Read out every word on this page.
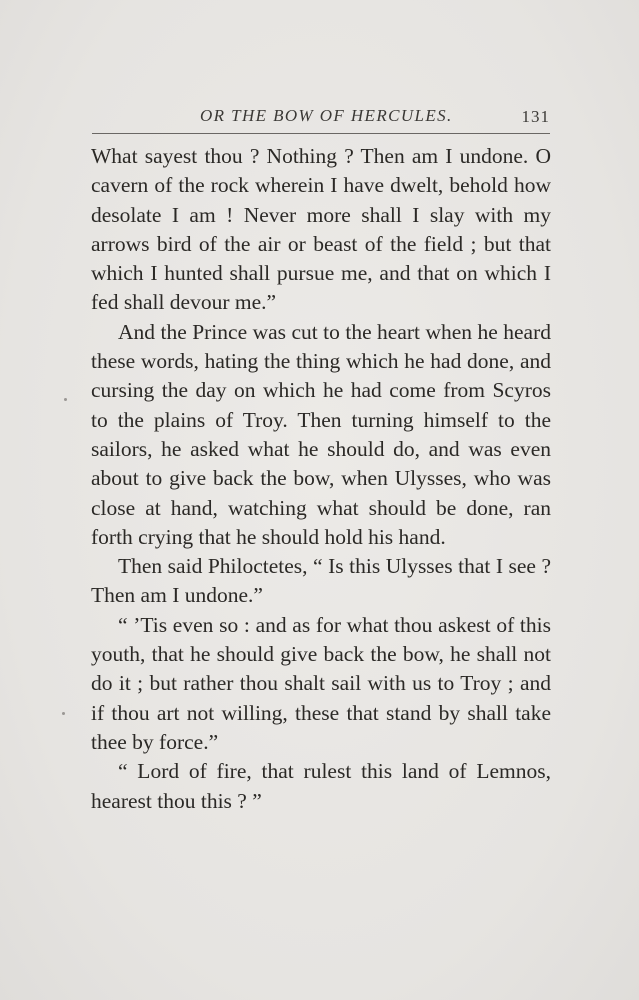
OR THE BOW OF HERCULES.	131

What sayest thou ? Nothing ? Then am I undone. O cavern of the rock wherein I have dwelt, behold how desolate I am ! Never more shall I slay with my arrows bird of the air or beast of the field ; but that which I hunted shall pursue me, and that on which I fed shall devour me.”

And the Prince was cut to the heart when he heard these words, hating the thing which he had done, and cursing the day on which he had come from Scyros to the plains of Troy. Then turning himself to the sailors, he asked what he should do, and was even about to give back the bow, when Ulysses, who was close at hand, watching what should be done, ran forth crying that he should hold his hand.

Then said Philoctetes, “ Is this Ulysses that I see ? Then am I undone.”

“ ’Tis even so : and as for what thou askest of this youth, that he should give back the bow, he shall not do it ; but rather thou shalt sail with us to Troy ; and if thou art not willing, these that stand by shall take thee by force.”

“ Lord of fire, that rulest this land of Lemnos, hearest thou this ? ”
